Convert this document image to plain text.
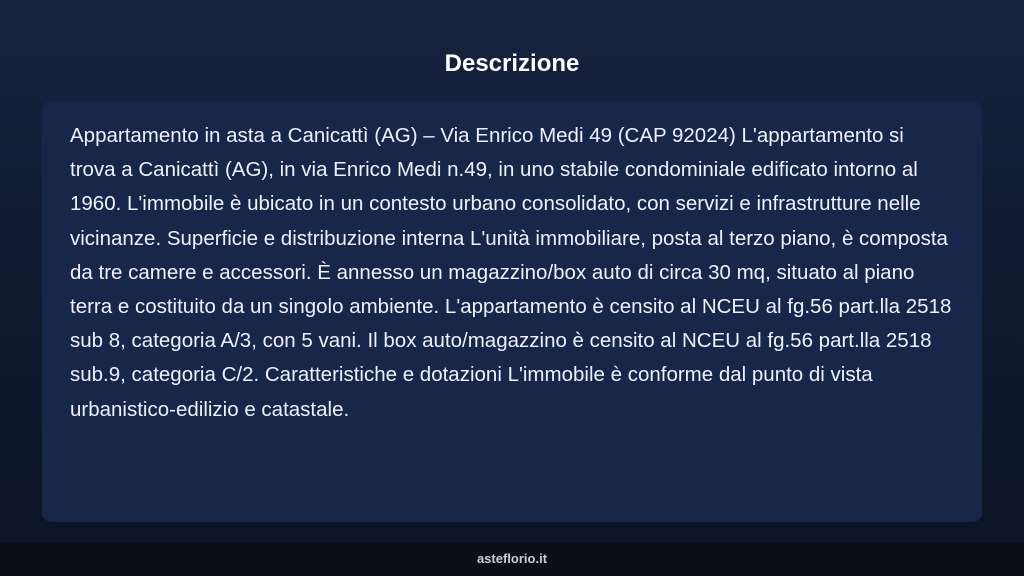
Descrizione

Appartamento in asta a Canicattì (AG) – Via Enrico Medi 49 (CAP 92024) L'appartamento si trova a Canicattì (AG), in via Enrico Medi n.49, in uno stabile condominiale edificato intorno al 1960. L'immobile è ubicato in un contesto urbano consolidato, con servizi e infrastrutture nelle vicinanze. Superficie e distribuzione interna L'unità immobiliare, posta al terzo piano, è composta da tre camere e accessori. È annesso un magazzino/box auto di circa 30 mq, situato al piano terra e costituito da un singolo ambiente. L'appartamento è censito al NCEU al fg.56 part.lla 2518 sub 8, categoria A/3, con 5 vani. Il box auto/magazzino è censito al NCEU al fg.56 part.lla 2518 sub.9, categoria C/2. Caratteristiche e dotazioni L'immobile è conforme dal punto di vista urbanistico-edilizio e catastale.

asteflorio.it
